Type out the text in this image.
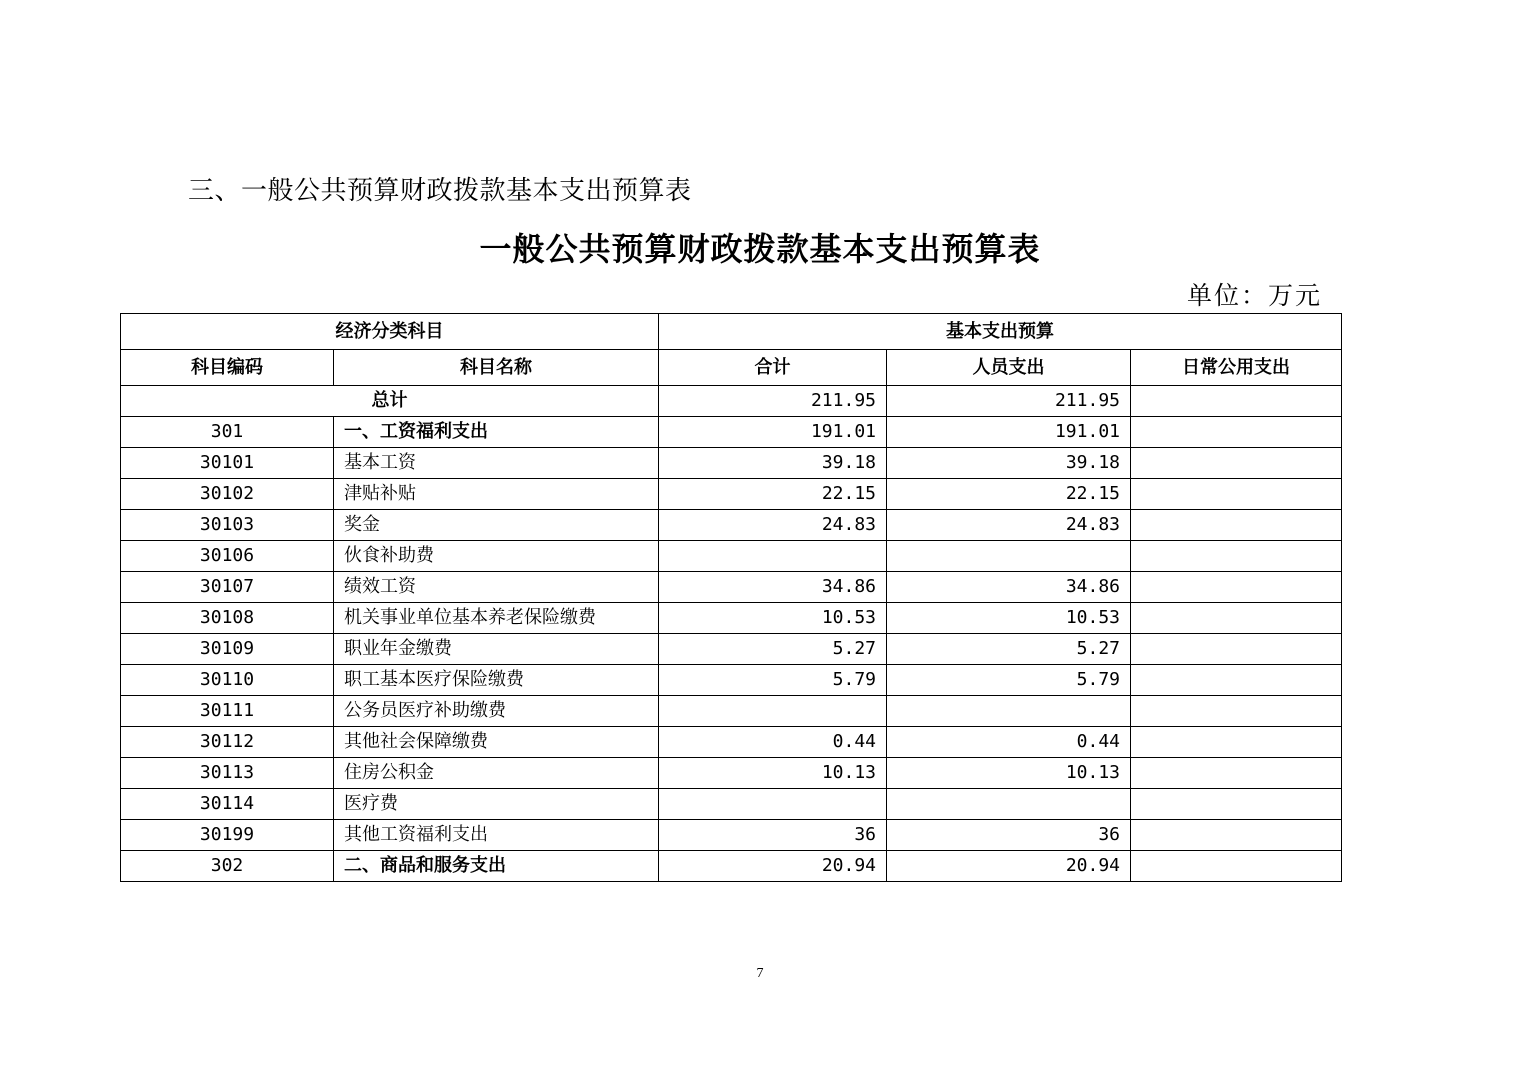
三、一般公共预算财政拨款基本支出预算表
一般公共预算财政拨款基本支出预算表
单位：万元
经济分类科目		基本支出预算		
科目编码	科目名称	合计	人员支出	日常公用支出
总计		211.95	211.95	
301	一、工资福利支出	191.01	191.01	
30101	基本工资	39.18	39.18	
30102	津贴补贴	22.15	22.15	
30103	奖金	24.83	24.83	
30106	伙食补助费			
30107	绩效工资	34.86	34.86	
30108	机关事业单位基本养老保险缴费	10.53	10.53	
30109	职业年金缴费	5.27	5.27	
30110	职工基本医疗保险缴费	5.79	5.79	
30111	公务员医疗补助缴费			
30112	其他社会保障缴费	0.44	0.44	
30113	住房公积金	10.13	10.13	
30114	医疗费			
30199	其他工资福利支出	36	36	
302	二、商品和服务支出	20.94	20.94	
7
